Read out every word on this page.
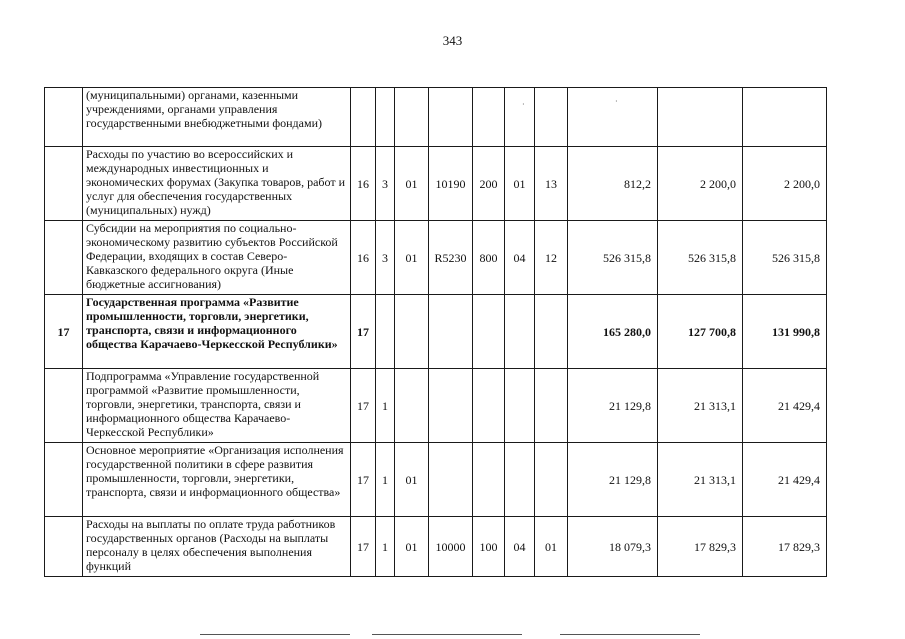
343
	(муниципальными) органами, казенными учреждениями, органами управления государственными внебюджетными фондами)										
	Расходы по участию во всероссийских и международных инвестиционных и экономических форумах (Закупка товаров, работ и услуг для обеспечения государственных (муниципальных) нужд)	16	3	01	10190	200	01	13	812,2	2 200,0	2 200,0
	Субсидии на мероприятия по социально-экономическому развитию субъектов Российской Федерации, входящих в состав Северо-Кавказского федерального округа (Иные бюджетные ассигнования)	16	3	01	R5230	800	04	12	526 315,8	526 315,8	526 315,8
17	Государственная программа «Развитие промышленности, торговли, энергетики, транспорта, связи и информационного общества Карачаево-Черкесской Республики»	17							165 280,0	127 700,8	131 990,8
	Подпрограмма «Управление государственной программой «Развитие промышленности, торговли, энергетики, транспорта, связи и информационного общества Карачаево-Черкесской Республики»	17	1						21 129,8	21 313,1	21 429,4
	Основное мероприятие «Организация исполнения государственной политики в сфере развития промышленности, торговли, энергетики, транспорта, связи и информационного общества»	17	1	01					21 129,8	21 313,1	21 429,4
	Расходы на выплаты по оплате труда работников государственных органов (Расходы на выплаты персоналу в целях обеспечения выполнения функций	17	1	01	10000	100	04	01	18 079,3	17 829,3	17 829,3
·	·
